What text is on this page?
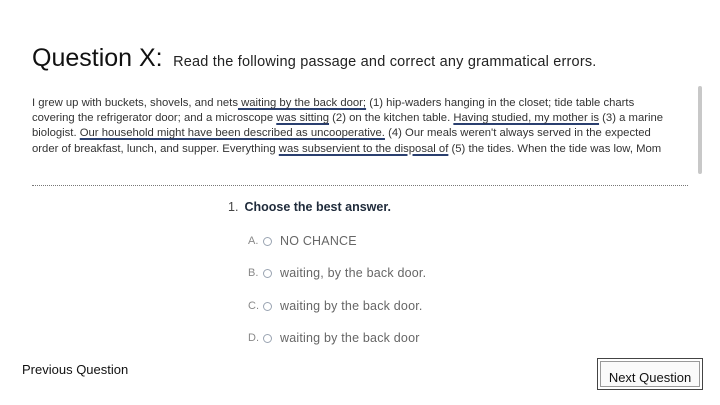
Question X: Read the following passage and correct any grammatical errors.

I grew up with buckets, shovels, and nets waiting by the back door; (1) hip-waders hanging in the closet; tide table charts covering the refrigerator door; and a microscope was sitting (2) on the kitchen table. Having studied, my mother is (3) a marine biologist. Our household might have been described as uncooperative. (4) Our meals weren't always served in the expected order of breakfast, lunch, and supper. Everything was subservient to the disposal of (5) the tides. When the tide was low, Mom

1. Choose the best answer.
A. NO CHANCE
B. waiting, by the back door.
C. waiting by the back door.
D. waiting by the back door
Previous Question	Next Question
